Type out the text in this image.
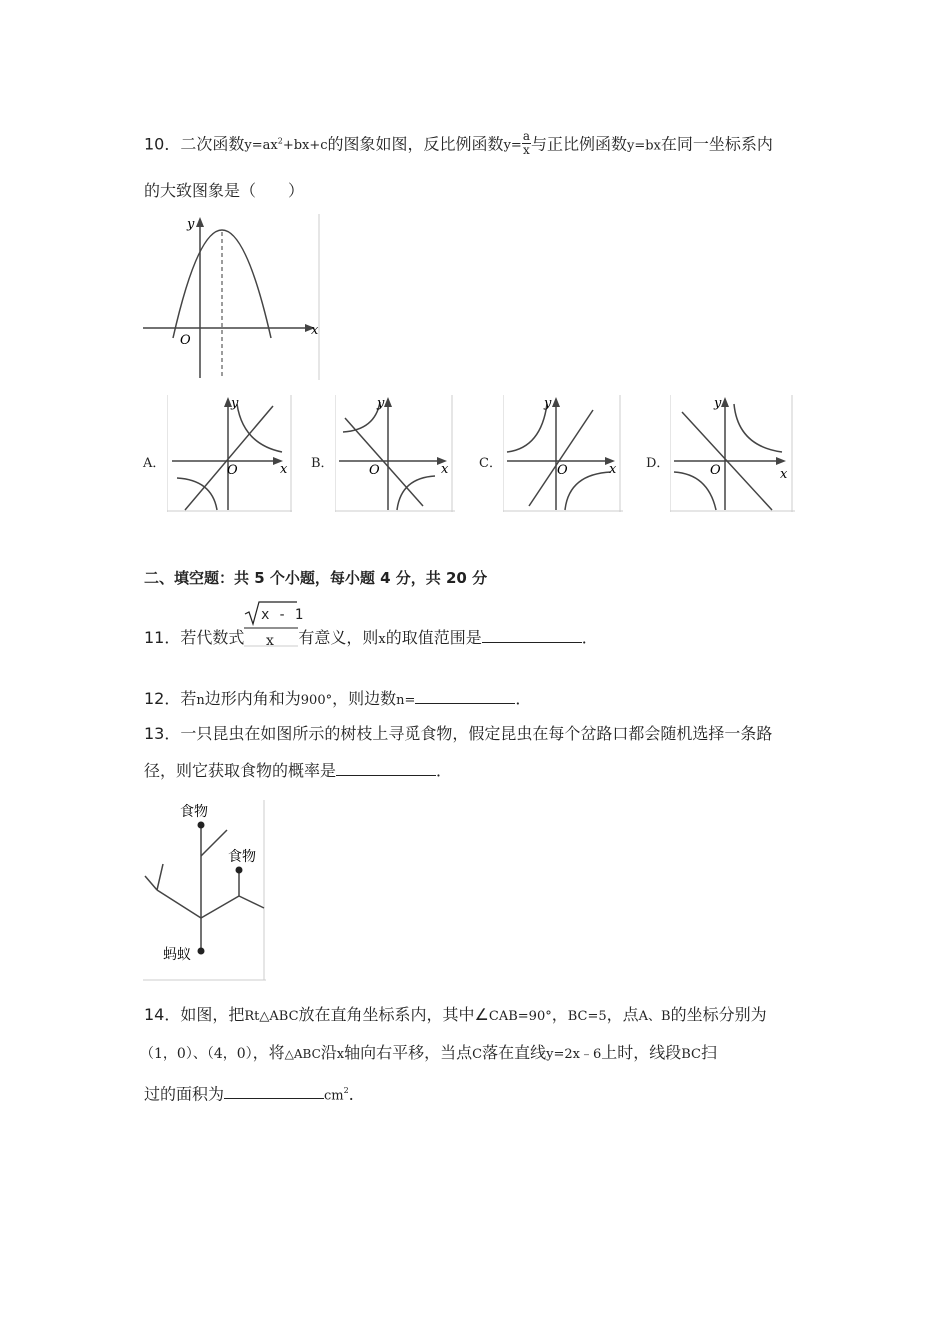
10．二次函数$y=ax^2+bx+c$的图象如图，反比例函数$y= \frac{a}{x}$ 与正比例函数y=bx在同一坐标系内
的大致图象是（　　）
y
x
O
A．
y
x
O	B．
y
x
O	C．
y
x
O	D．
y
x
O
二、填空题：共 5 个小题，每小题 4 分，共 20 分
11．若代数式
x - 1
x 有意义，则x的取值范围是	．
12．若n边形内角和为900°，则边数n=	．
13．一只昆虫在如图所示的树枝上寻觅食物，假定昆虫在每个岔路口都会随机选择一条路
径，则它获取食物的概率是	．
食物
食物
蚂蚁
14．如图，把Rt△ABC放在直角坐标系内，其中∠CAB=90°，BC=5，点A、B的坐标分别为
（1，0）、（4，0），将△ABC沿x轴向右平移，当点C落在直线y=2x﹣6上时，线段BC扫
过的面积为	$cm^2$．
